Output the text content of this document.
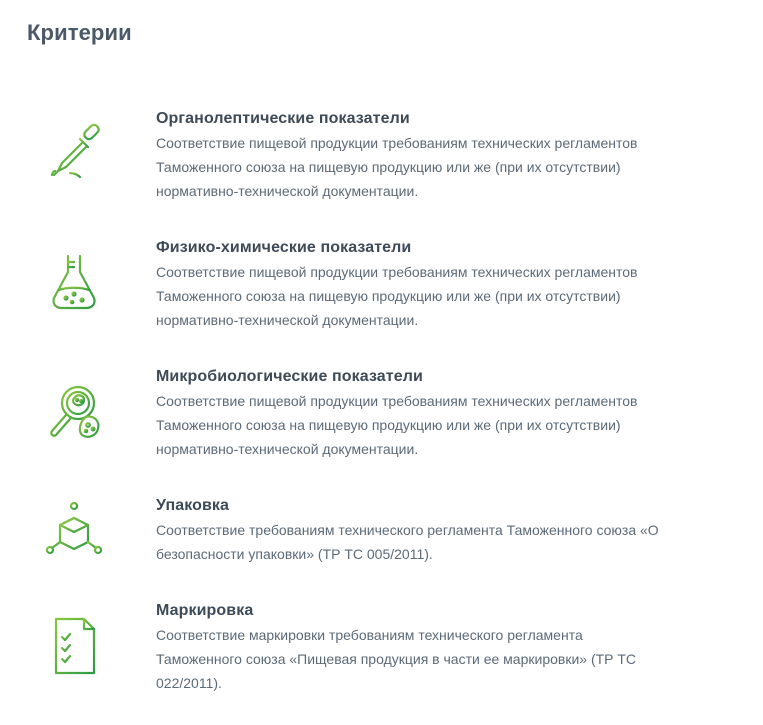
Критерии
Органолептические показатели

Соответствие пищевой продукции требованиям технических регламентов
Таможенного союза на пищевую продукцию или же (при их отсутствии)
нормативно-технической документации.

Физико-химические показатели

Соответствие пищевой продукции требованиям технических регламентов
Таможенного союза на пищевую продукцию или же (при их отсутствии)
нормативно-технической документации.

Микробиологические показатели

Соответствие пищевой продукции требованиям технических регламентов
Таможенного союза на пищевую продукцию или же (при их отсутствии)
нормативно-технической документации.

Упаковка

Соответствие требованиям технического регламента Таможенного союза «О
безопасности упаковки» (ТР ТС 005/2011).

Маркировка

Соответствие маркировки требованиям технического регламента
Таможенного союза «Пищевая продукция в части ее маркировки» (ТР ТС
022/2011).
